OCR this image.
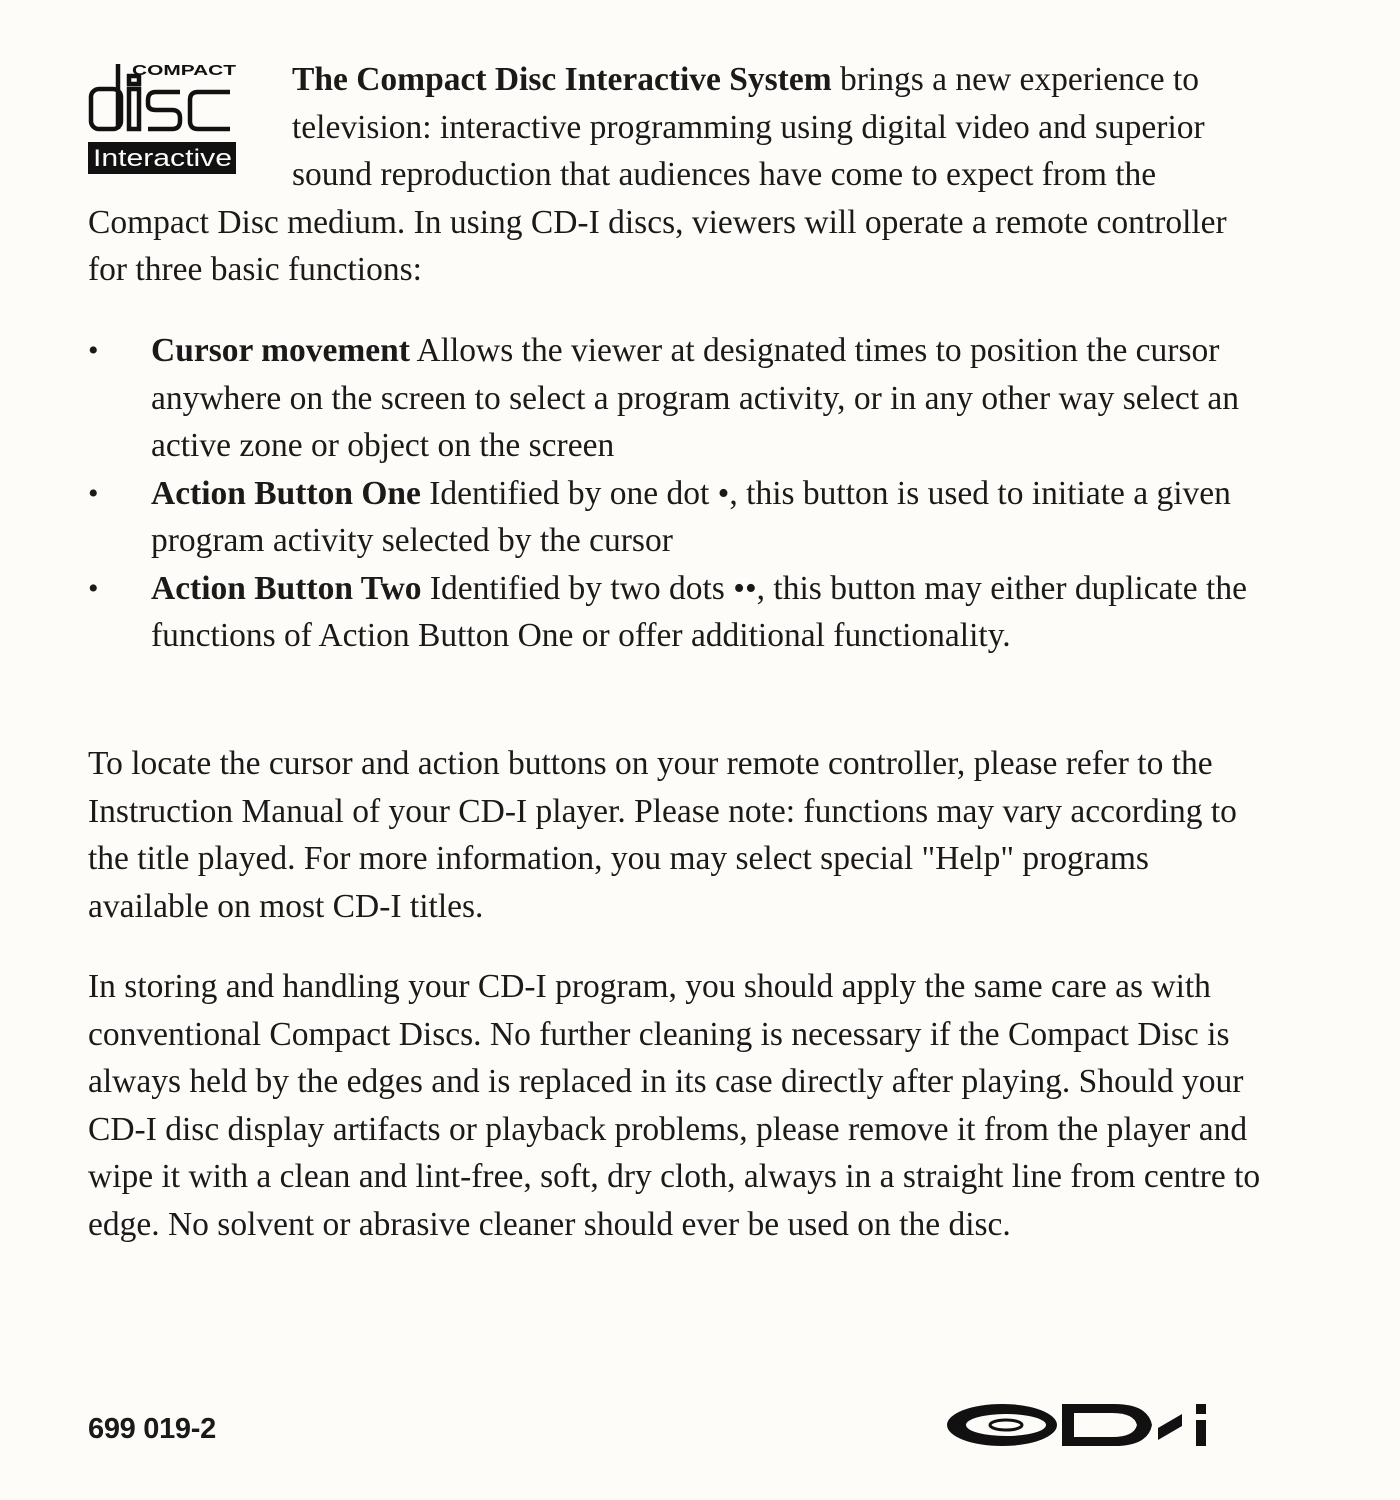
COMPACT
Interactive

The Compact Disc Interactive System brings a new experience to television: interactive programming using digital video and superior sound reproduction that audiences have come to expect from the Compact Disc medium. In using CD-I discs, viewers will operate a remote controller for three basic functions:

• Cursor movement Allows the viewer at designated times to position the cursor anywhere on the screen to select a program activity, or in any other way select an active zone or object on the screen
• Action Button One Identified by one dot •, this button is used to initiate a given program activity selected by the cursor
• Action Button Two Identified by two dots ••, this button may either duplicate the functions of Action Button One or offer additional functionality.

To locate the cursor and action buttons on your remote controller, please refer to the Instruction Manual of your CD-I player. Please note: functions may vary according to the title played. For more information, you may select special "Help" programs available on most CD-I titles.

In storing and handling your CD-I program, you should apply the same care as with conventional Compact Discs. No further cleaning is necessary if the Compact Disc is always held by the edges and is replaced in its case directly after playing. Should your CD-I disc display artifacts or playback problems, please remove it from the player and wipe it with a clean and lint-free, soft, dry cloth, always in a straight line from centre to edge. No solvent or abrasive cleaner should ever be used on the disc.

699 019-2
